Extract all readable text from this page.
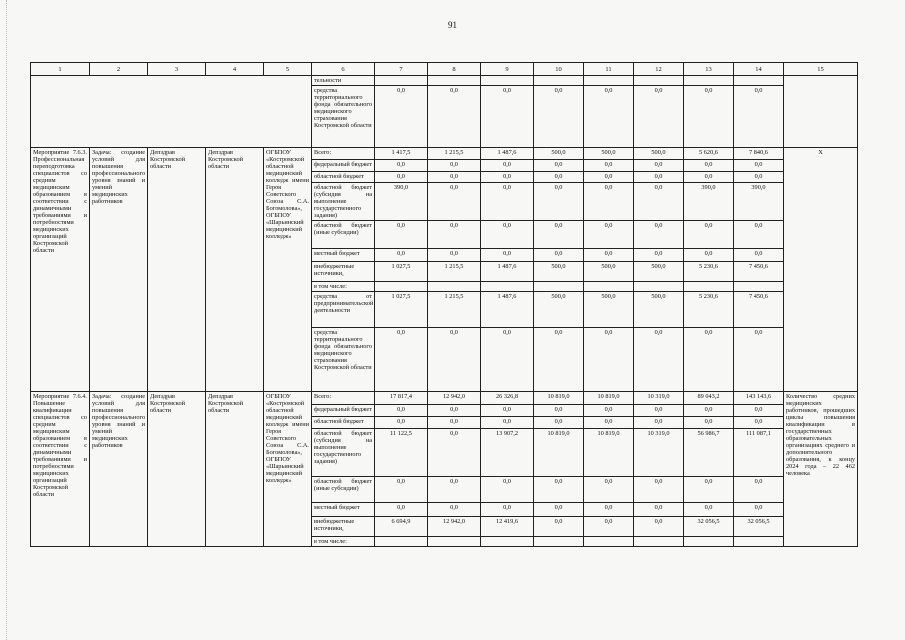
91
1	2	3	4	5	6	7	8	9	10	11	12	13	14	15
					тельности									
					средства территориального фонда обязательного медицинского страхования Костромской области	0,0	0,0	0,0	0,0	0,0	0,0	0,0	0,0	
Мероприятие 7.6.3. Профессиональная переподготовка специалистов со средним медицинским образованием в соответствии с динамичными требованиями и потребностями медицинских организаций Костромской области	Задача: создание условий для повышения профессионального уровня знаний и умений медицинских работников	Депздрав Костромской области	Депздрав Костромской области	ОГБПОУ «Костромской областной медицинский колледж имени Героя Советского Союза С.А. Богомолова», ОГБПОУ «Шарьинский медицинский колледж»	Всего:	1 417,5	1 215,5	1 487,6	500,0	500,0	500,0	5 620,6	7 840,6	Х
					федеральный бюджет	0,0	0,0	0,0	0,0	0,0	0,0	0,0	0,0	
					областной бюджет	0,0	0,0	0,0	0,0	0,0	0,0	0,0	0,0	
					областной бюджет (субсидия на выполнение государственного задания)	390,0	0,0	0,0	0,0	0,0	0,0	390,0	390,0	
					областной бюджет (иные субсидии)	0,0	0,0	0,0	0,0	0,0	0,0	0,0	0,0	
					местный бюджет	0,0	0,0	0,0	0,0	0,0	0,0	0,0	0,0	
					внебюджетные источники,	1 027,5	1 215,5	1 487,6	500,0	500,0	500,0	5 230,6	7 450,6	
					в том числе:									
					средства от предпринимательской деятельности	1 027,5	1 215,5	1 487,6	500,0	500,0	500,0	5 230,6	7 450,6	
					средства территориального фонда обязательного медицинского страхования Костромской области	0,0	0,0	0,0	0,0	0,0	0,0	0,0	0,0	
Мероприятие 7.6.4. Повышение квалификации специалистов со средним медицинским образованием в соответствии с динамичными требованиями и потребностями медицинских организаций Костромской области	Задача: создание условий для повышения профессионального уровня знаний и умений медицинских работников	Депздрав Костромской области	Депздрав Костромской области	ОГБПОУ «Костромской областной медицинский колледж имени Героя Советского Союза С.А. Богомолова», ОГБПОУ «Шарьинский медицинский колледж»	Всего:	17 817,4	12 942,0	26 326,8	10 819,0	10 819,0	10 319,0	89 043,2	143 143,6	Количество средних медицинских работников, прошедших циклы повышения квалификации в государственных образовательных организациях среднего и дополнительного образования, к концу 2024 года – 22 462 человека
					федеральный бюджет	0,0	0,0	0,0	0,0	0,0	0,0	0,0	0,0	
					областной бюджет	0,0	0,0	0,0	0,0	0,0	0,0	0,0	0,0	
					областной бюджет (субсидия на выполнение государственного задания)	11 122,5	0,0	13 907,2	10 819,0	10 819,0	10 319,0	56 986,7	111 087,1	
					областной бюджет (иные субсидии)	0,0	0,0	0,0	0,0	0,0	0,0	0,0	0,0	
					местный бюджет	0,0	0,0	0,0	0,0	0,0	0,0	0,0	0,0	
					внебюджетные источники,	6 694,9	12 942,0	12 419,6	0,0	0,0	0,0	32 056,5	32 056,5	
					в том числе:									
